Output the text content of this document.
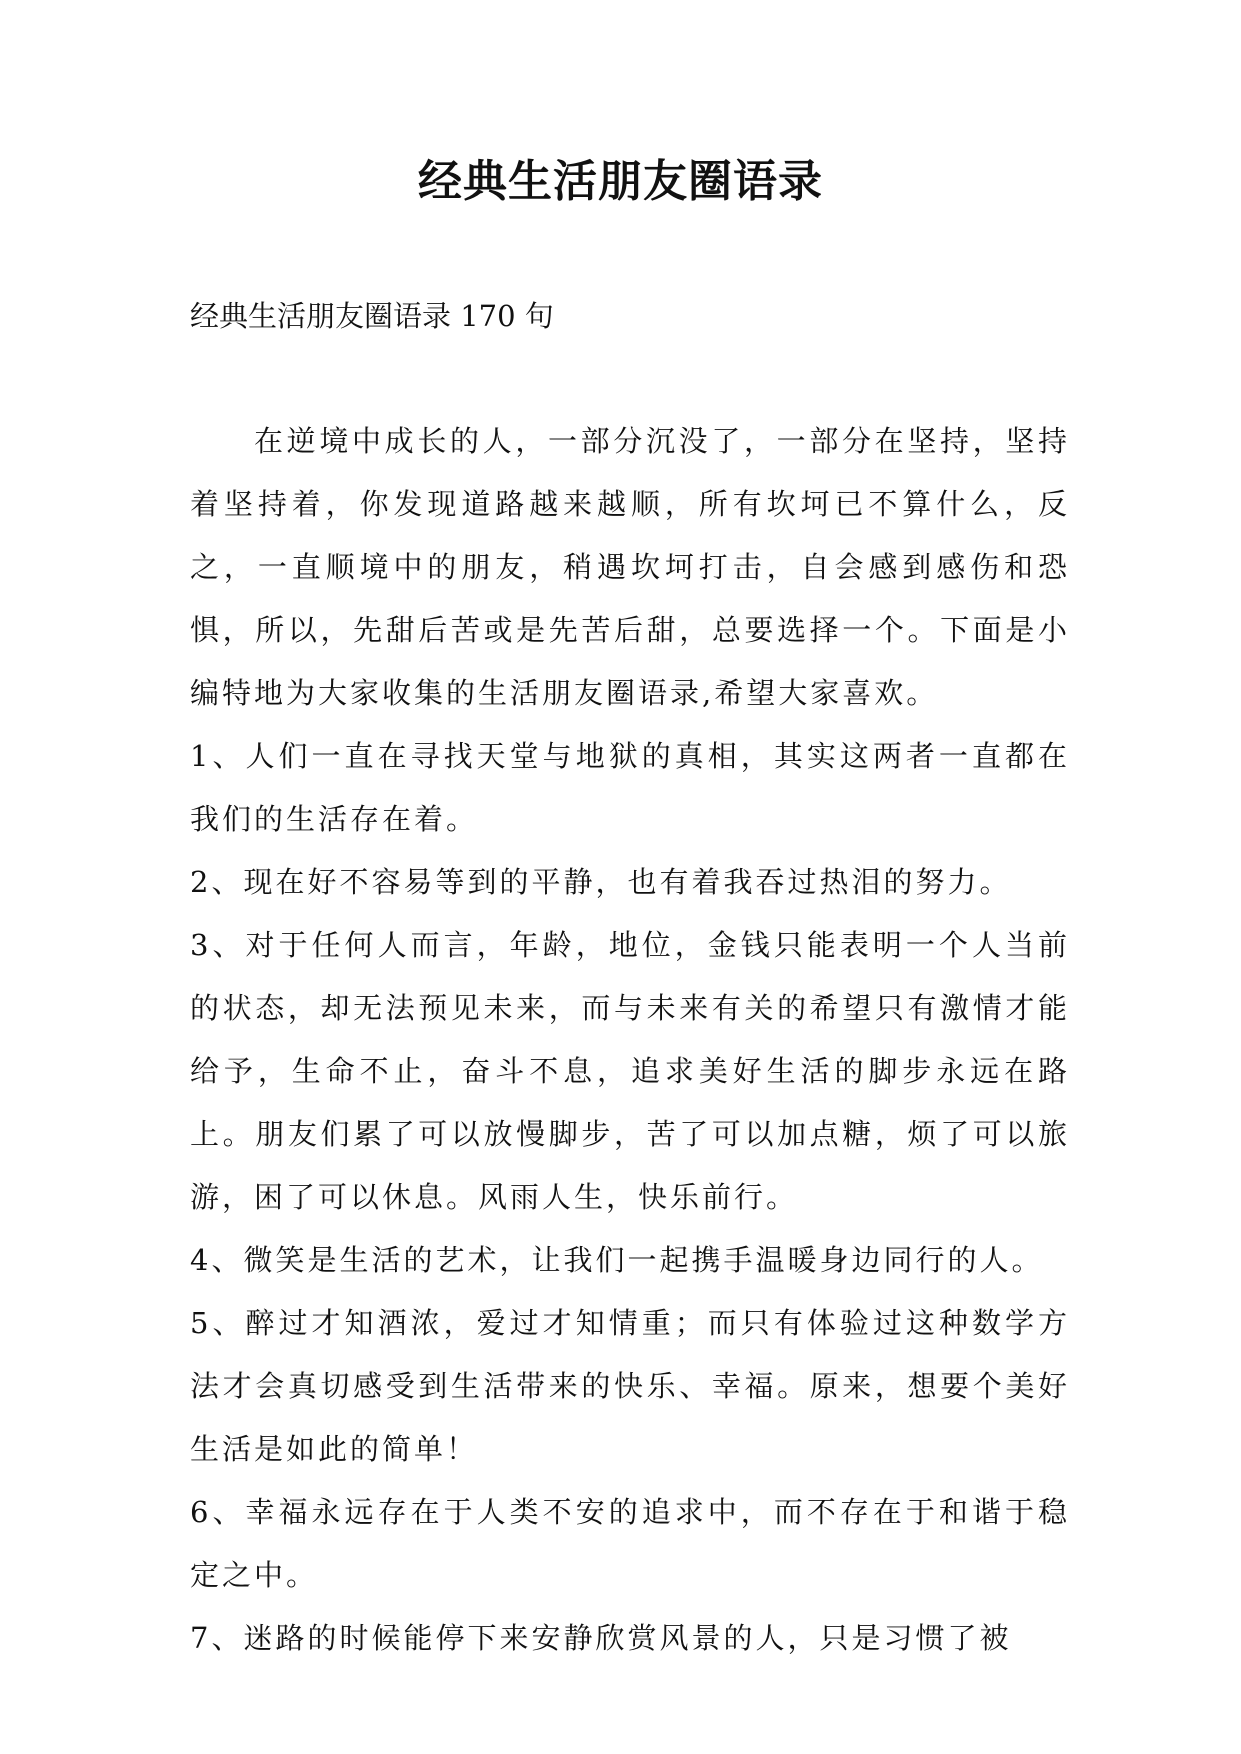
经典生活朋友圈语录

经典生活朋友圈语录 170 句

在逆境中成长的人，一部分沉没了，一部分在坚持，坚持着坚持着，你发现道路越来越顺，所有坎坷已不算什么，反之，一直顺境中的朋友，稍遇坎坷打击，自会感到感伤和恐惧，所以，先甜后苦或是先苦后甜，总要选择一个。下面是小编特地为大家收集的生活朋友圈语录,希望大家喜欢。

1、人们一直在寻找天堂与地狱的真相，其实这两者一直都在我们的生活存在着。

2、现在好不容易等到的平静，也有着我吞过热泪的努力。

3、对于任何人而言，年龄，地位，金钱只能表明一个人当前的状态，却无法预见未来，而与未来有关的希望只有激情才能给予，生命不止，奋斗不息，追求美好生活的脚步永远在路上。朋友们累了可以放慢脚步，苦了可以加点糖，烦了可以旅游，困了可以休息。风雨人生，快乐前行。

4、微笑是生活的艺术，让我们一起携手温暖身边同行的人。

5、醉过才知酒浓，爱过才知情重；而只有体验过这种数学方法才会真切感受到生活带来的快乐、幸福。原来，想要个美好生活是如此的简单！

6、幸福永远存在于人类不安的追求中，而不存在于和谐于稳定之中。

7、迷路的时候能停下来安静欣赏风景的人，只是习惯了被
